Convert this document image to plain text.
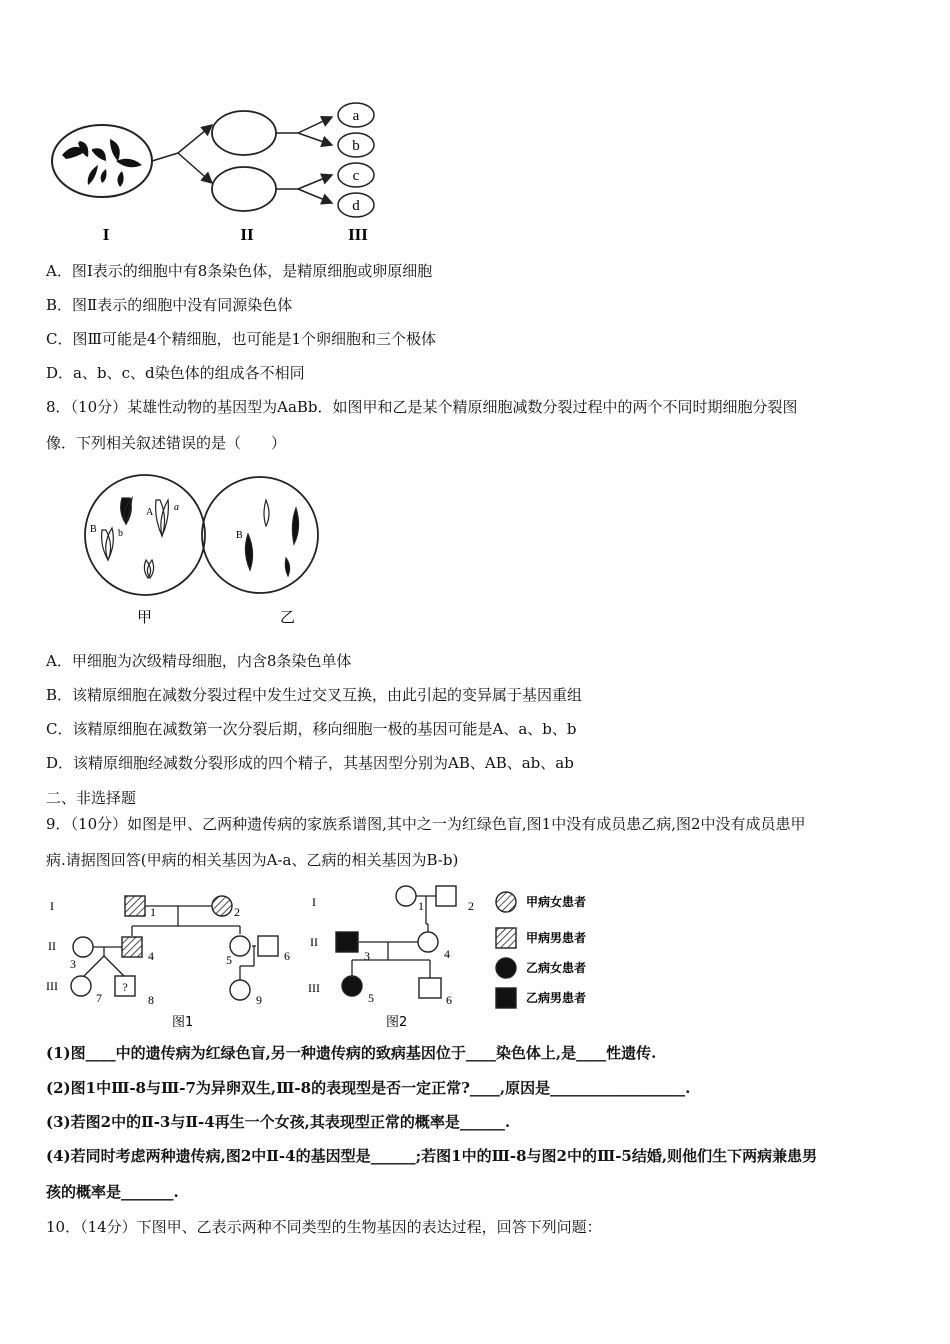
a
b
c
d
I	II	III
A．图Ⅰ表示的细胞中有8条染色体，是精原细胞或卵原细胞
B．图Ⅱ表示的细胞中没有同源染色体
C．图Ⅲ可能是4个精细胞，也可能是1个卵细胞和三个极体
D．a、b、c、d染色体的组成各不相同
8．（10分）某雄性动物的基因型为AaBb．如图甲和乙是某个精原细胞减数分裂过程中的两个不同时期细胞分裂图
像．下列相关叙述错误的是（　　）
A a
B b	B
甲	乙
A．甲细胞为次级精母细胞，内含8条染色单体
B．该精原细胞在减数分裂过程中发生过交叉互换，由此引起的变异属于基因重组
C．该精原细胞在减数第一次分裂后期，移向细胞一极的基因可能是A、a、b、b
D．该精原细胞经减数分裂形成的四个精子，其基因型分别为AB、AB、ab、ab
二、非选择题
9．（10分）如图是甲、乙两种遗传病的家族系谱图,其中之一为红绿色盲,图1中没有成员患乙病,图2中没有成员患甲
病.请据图回答(甲病的相关基因为A-a、乙病的相关基因为B-b)
?
I
II
III
1	2
3
4	5	6
7	8	9
图1
I
II
III
1	2
3	4
5	6
图2
甲病女患者
甲病男患者
乙病女患者
乙病男患者
(1)图____中的遗传病为红绿色盲,另一种遗传病的致病基因位于____染色体上,是____性遗传.
(2)图1中Ⅲ-8与Ⅲ-7为异卵双生,Ⅲ-8的表现型是否一定正常?____,原因是__________________.
(3)若图2中的Ⅱ-3与Ⅱ-4再生一个女孩,其表现型正常的概率是______.
(4)若同时考虑两种遗传病,图2中Ⅱ-4的基因型是______;若图1中的Ⅲ-8与图2中的Ⅲ-5结婚,则他们生下两病兼患男
孩的概率是_______.
10．（14分）下图甲、乙表示两种不同类型的生物基因的表达过程，回答下列问题：
